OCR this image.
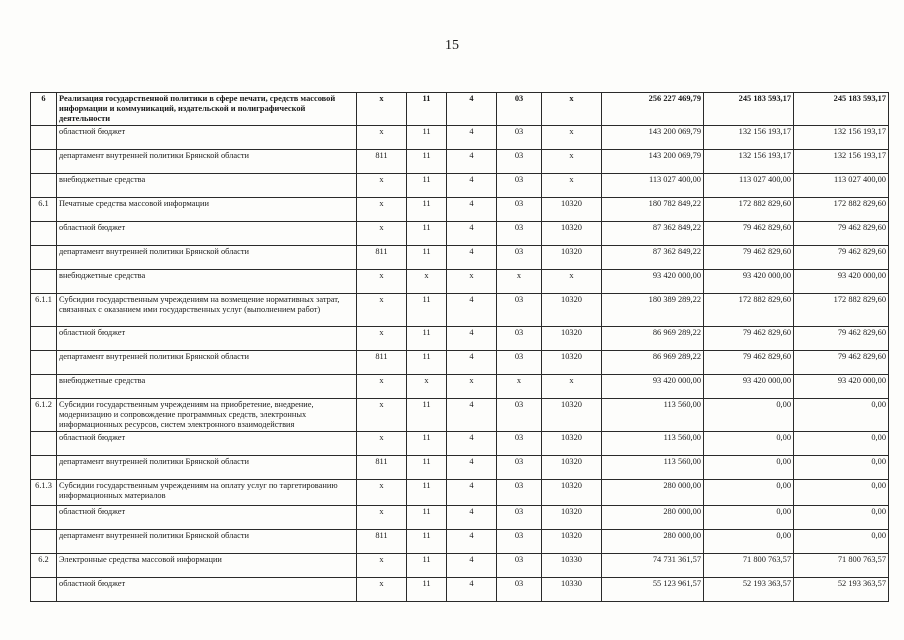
15
6	Реализация государственной политики в сфере печати, средств массовой информации и коммуникаций, издательской и полиграфической деятельности	х	11	4	03	х	256 227 469,79	245 183 593,17	245 183 593,17
	областной бюджет	х	11	4	03	х	143 200 069,79	132 156 193,17	132 156 193,17
	департамент внутренней политики Брянской области	811	11	4	03	х	143 200 069,79	132 156 193,17	132 156 193,17
	внебюджетные средства	х	11	4	03	х	113 027 400,00	113 027 400,00	113 027 400,00
6.1	Печатные средства массовой информации	х	11	4	03	10320	180 782 849,22	172 882 829,60	172 882 829,60
	областной бюджет	х	11	4	03	10320	87 362 849,22	79 462 829,60	79 462 829,60
	департамент внутренней политики Брянской области	811	11	4	03	10320	87 362 849,22	79 462 829,60	79 462 829,60
	внебюджетные средства	х	х	х	х	х	93 420 000,00	93 420 000,00	93 420 000,00
6.1.1	Субсидии государственным учреждениям на возмещение нормативных затрат, связанных с оказанием ими государственных услуг (выполнением работ)	х	11	4	03	10320	180 389 289,22	172 882 829,60	172 882 829,60
	областной бюджет	х	11	4	03	10320	86 969 289,22	79 462 829,60	79 462 829,60
	департамент внутренней политики Брянской области	811	11	4	03	10320	86 969 289,22	79 462 829,60	79 462 829,60
	внебюджетные средства	х	х	х	х	х	93 420 000,00	93 420 000,00	93 420 000,00
6.1.2	Субсидии государственным учреждениям на приобретение, внедрение, модернизацию и сопровождение программных средств, электронных информационных ресурсов, систем электронного взаимодействия	х	11	4	03	10320	113 560,00	0,00	0,00
	областной бюджет	х	11	4	03	10320	113 560,00	0,00	0,00
	департамент внутренней политики Брянской области	811	11	4	03	10320	113 560,00	0,00	0,00
6.1.3	Субсидии государственным учреждениям на оплату услуг по таргетированию информационных материалов	х	11	4	03	10320	280 000,00	0,00	0,00
	областной бюджет	х	11	4	03	10320	280 000,00	0,00	0,00
	департамент внутренней политики Брянской области	811	11	4	03	10320	280 000,00	0,00	0,00
6.2	Электронные средства массовой информации	х	11	4	03	10330	74 731 361,57	71 800 763,57	71 800 763,57
	областной бюджет	х	11	4	03	10330	55 123 961,57	52 193 363,57	52 193 363,57
